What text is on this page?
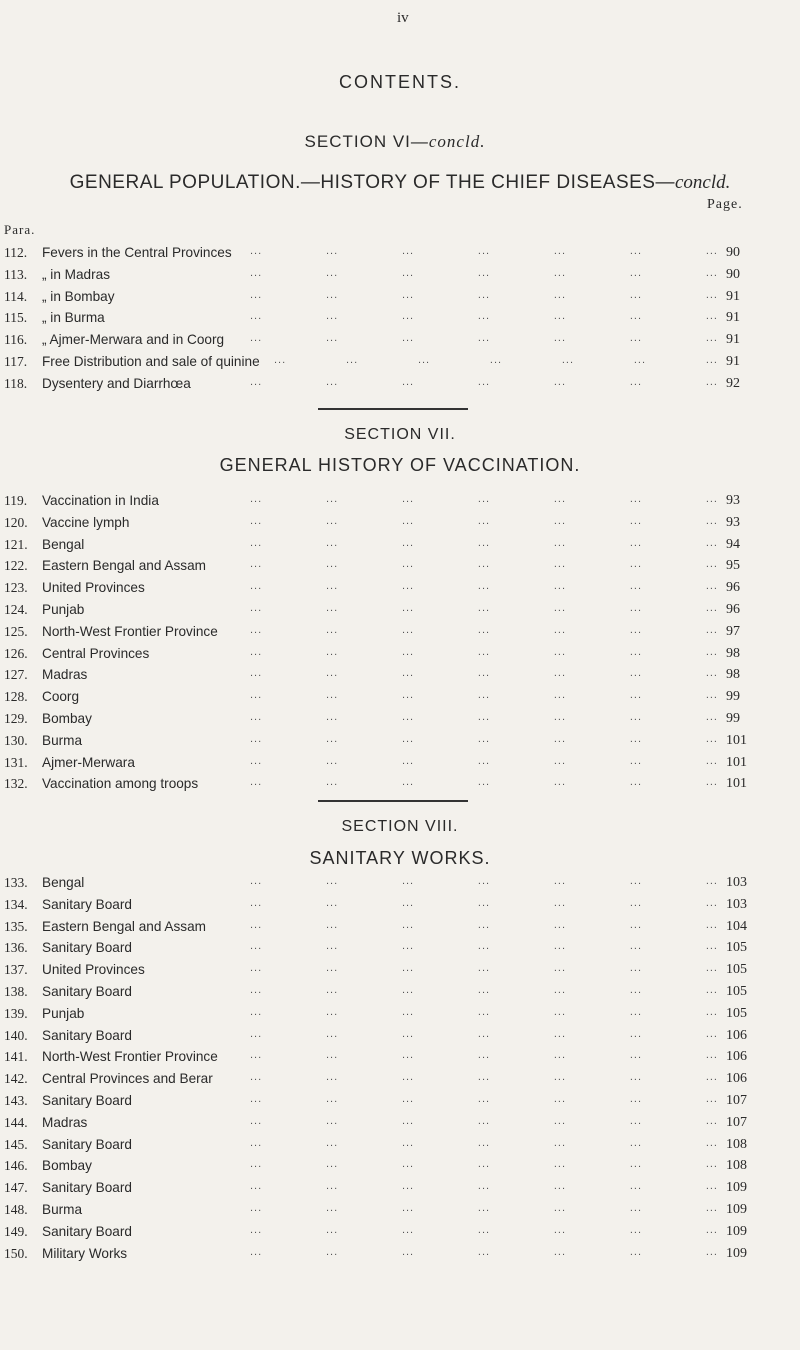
iv
CONTENTS.
SECTION VI—concld.
GENERAL POPULATION.—HISTORY OF THE CHIEF DISEASES—concld.
Page.
Para.
112.	Fevers in the Central Provinces ...	...	...	...	...	...	... 90
113.	„ in Madras	...	...	...	...	...	...	... 90
114.	„ in Bombay	...	...	...	...	...	...	... 91
115.	„ in Burma	...	...	...	...	...	...	... 91
116.	„ Ajmer-Merwara and in Coorg ...	...	...	...	...	...	... 91
117.	Free Distribution and sale of quinine ...	...	...	...	...	...	... 91
118.	Dysentery and Diarrhœa	...	...	...	...	...	...	... 92
SECTION VII.
GENERAL HISTORY OF VACCINATION.
119.	Vaccination in India	...	...	...	...	...	...	... 93
120.	Vaccine lymph	...	...	...	...	...	...	... 93
121.	Bengal	...	...	...	...	...	...	... 94
122.	Eastern Bengal and Assam	...	...	...	...	...	...	... 95
123.	United Provinces	...	...	...	...	...	...	... 96
124.	Punjab	...	...	...	...	...	...	... 96
125.	North-West Frontier Province	...	...	...	...	...	...	... 97
126.	Central Provinces	...	...	...	...	...	...	... 98
127.	Madras	...	...	...	...	...	...	... 98
128.	Coorg	...	...	...	...	...	...	... 99
129.	Bombay	...	...	...	...	...	...	... 99
130.	Burma	...	...	...	...	...	...	... 101
131.	Ajmer-Merwara	...	...	...	...	...	...	... 101
132.	Vaccination among troops	...	...	...	...	...	...	... 101
SECTION VIII.
SANITARY WORKS.
133.	Bengal	...	...	...	...	...	...	... 103
134.	Sanitary Board	...	...	...	...	...	...	... 103
135.	Eastern Bengal and Assam	...	...	...	...	...	...	... 104
136.	Sanitary Board	...	...	...	...	...	...	... 105
137.	United Provinces	...	...	...	...	...	...	... 105
138.	Sanitary Board	...	...	...	...	...	...	... 105
139.	Punjab	...	...	...	...	...	...	... 105
140.	Sanitary Board	...	...	...	...	...	...	... 106
141.	North-West Frontier Province	...	...	...	...	...	...	... 106
142.	Central Provinces and Berar	...	...	...	...	...	...	... 106
143.	Sanitary Board	...	...	...	...	...	...	... 107
144.	Madras	...	...	...	...	...	...	... 107
145.	Sanitary Board	...	...	...	...	...	...	... 108
146.	Bombay	...	...	...	...	...	...	... 108
147.	Sanitary Board	...	...	...	...	...	...	... 109
148.	Burma	...	...	...	...	...	...	... 109
149.	Sanitary Board	...	...	...	...	...	...	... 109
150.	Military Works	...	...	...	...	...	...	... 109
